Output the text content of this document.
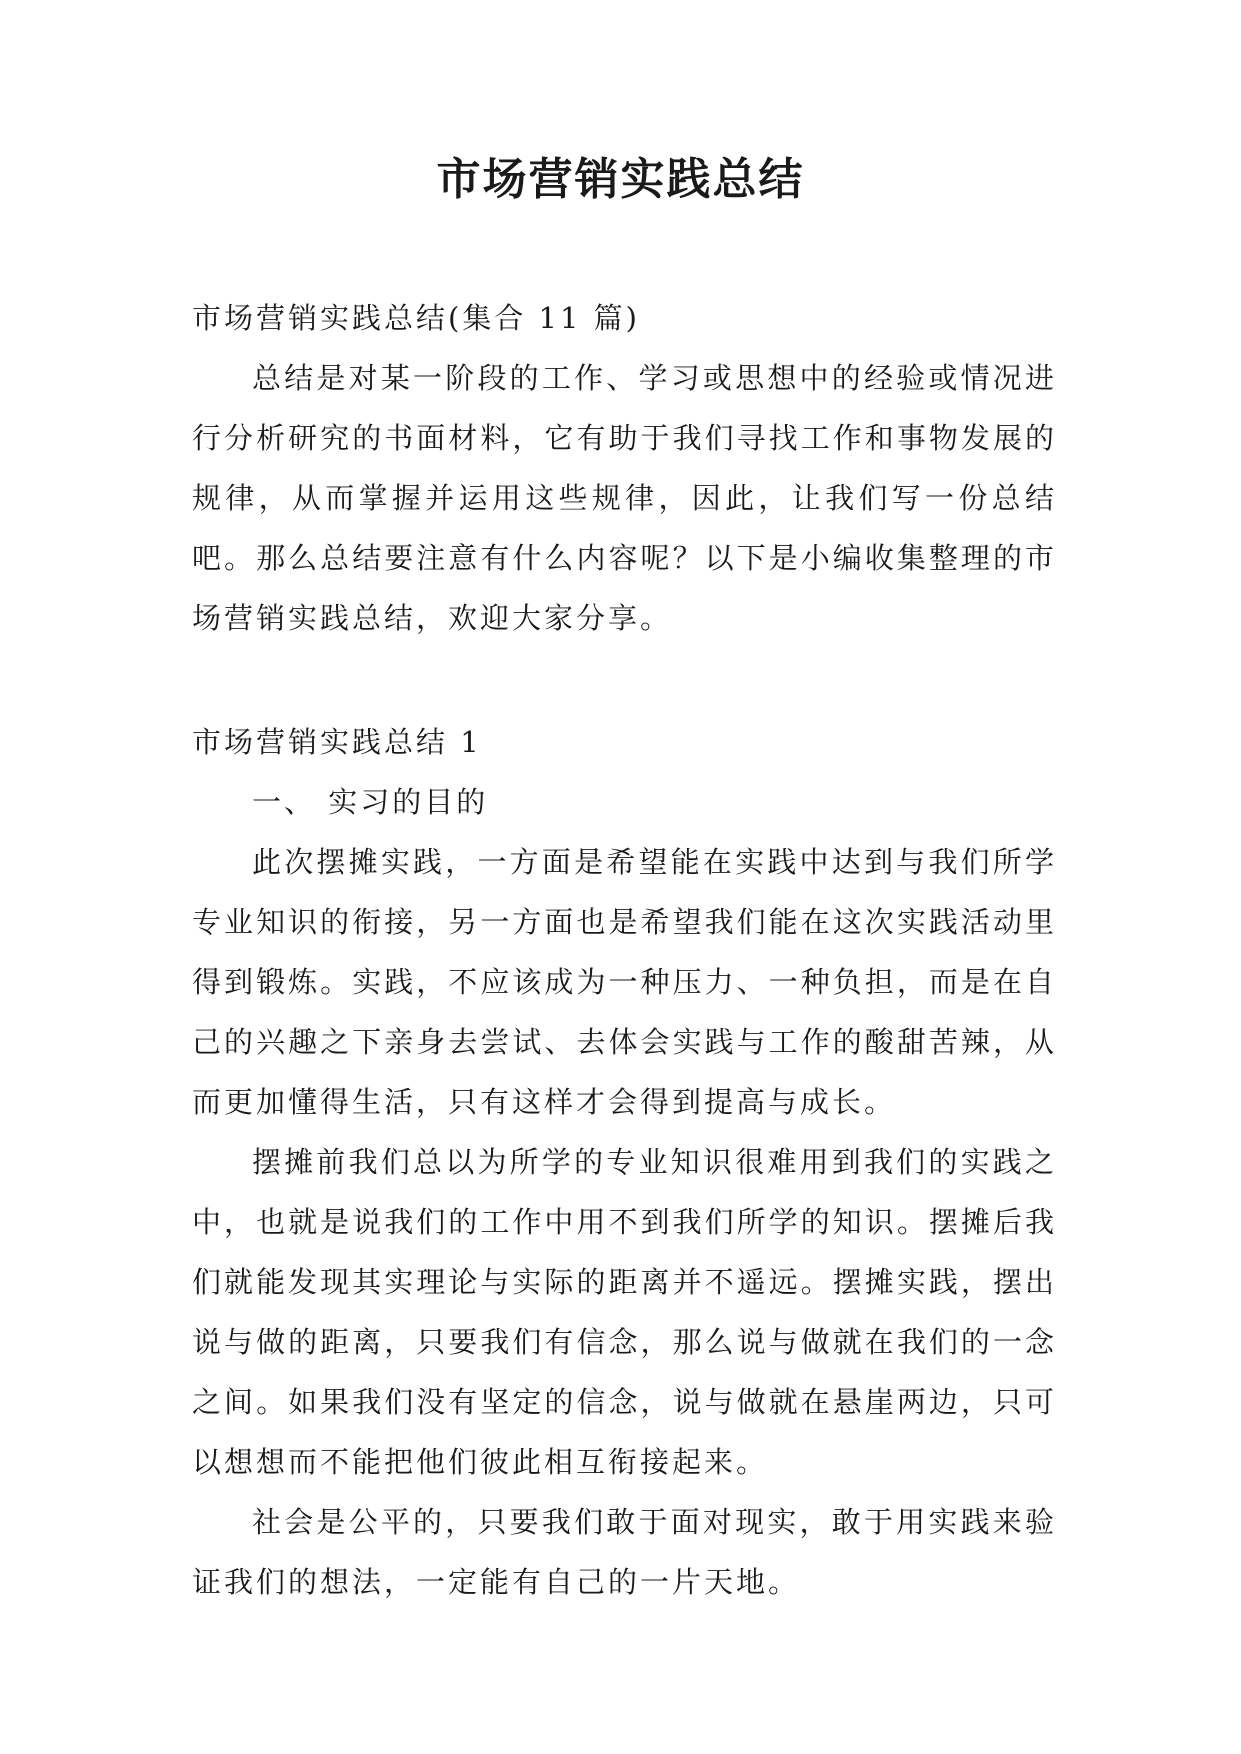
市场营销实践总结

市场营销实践总结(集合 11 篇)

总结是对某一阶段的工作、学习或思想中的经验或情况进行分析研究的书面材料，它有助于我们寻找工作和事物发展的规律，从而掌握并运用这些规律，因此，让我们写一份总结吧。那么总结要注意有什么内容呢？以下是小编收集整理的市场营销实践总结，欢迎大家分享。

市场营销实践总结 1

一、 实习的目的

此次摆摊实践，一方面是希望能在实践中达到与我们所学专业知识的衔接，另一方面也是希望我们能在这次实践活动里得到锻炼。实践，不应该成为一种压力、一种负担，而是在自己的兴趣之下亲身去尝试、去体会实践与工作的酸甜苦辣，从而更加懂得生活，只有这样才会得到提高与成长。

摆摊前我们总以为所学的专业知识很难用到我们的实践之中，也就是说我们的工作中用不到我们所学的知识。摆摊后我们就能发现其实理论与实际的距离并不遥远。摆摊实践，摆出说与做的距离，只要我们有信念，那么说与做就在我们的一念之间。如果我们没有坚定的信念，说与做就在悬崖两边，只可以想想而不能把他们彼此相互衔接起来。

社会是公平的，只要我们敢于面对现实，敢于用实践来验证我们的想法，一定能有自己的一片天地。
